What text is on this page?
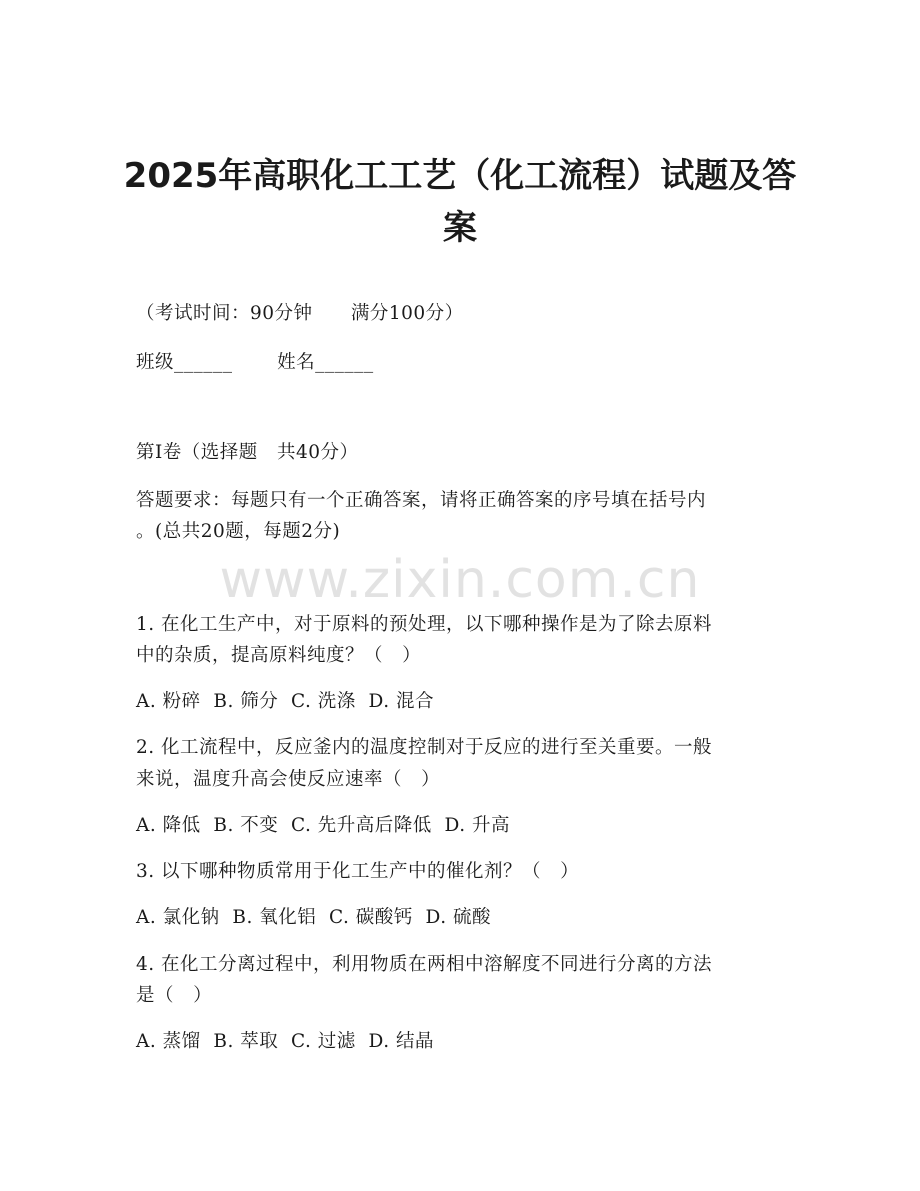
2025年高职化工工艺（化工流程）试题及答案
（考试时间：90分钟      满分100分）
班级______       姓名______
第I卷（选择题   共40分）
答题要求：每题只有一个正确答案，请将正确答案的序号填在括号内
。(总共20题，每题2分)
www.zixin.com.cn
1. 在化工生产中，对于原料的预处理，以下哪种操作是为了除去原料
中的杂质，提高原料纯度？（   ）
A. 粉碎  B. 筛分  C. 洗涤  D. 混合
2. 化工流程中，反应釜内的温度控制对于反应的进行至关重要。一般
来说，温度升高会使反应速率（   ）
A. 降低  B. 不变  C. 先升高后降低  D. 升高
3. 以下哪种物质常用于化工生产中的催化剂？（   ）
A. 氯化钠  B. 氧化铝  C. 碳酸钙  D. 硫酸
4. 在化工分离过程中，利用物质在两相中溶解度不同进行分离的方法
是（   ）
A. 蒸馏  B. 萃取  C. 过滤  D. 结晶
